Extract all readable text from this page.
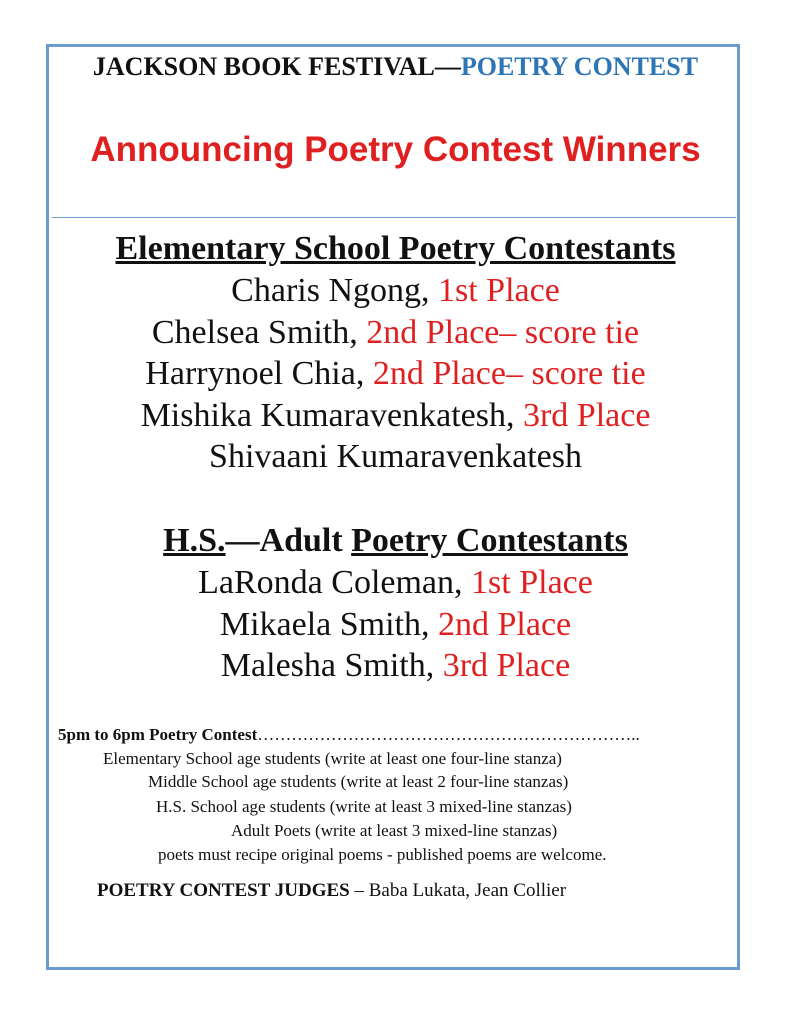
JACKSON BOOK FESTIVAL—POETRY CONTEST
Announcing Poetry Contest Winners
Elementary School Poetry Contestants
Charis Ngong, 1st Place
Chelsea Smith, 2nd Place– score tie
Harrynoel Chia, 2nd Place– score tie
Mishika Kumaravenkatesh, 3rd Place
Shivaani Kumaravenkatesh
H.S.—Adult Poetry Contestants
LaRonda Coleman, 1st Place
Mikaela Smith, 2nd Place
Malesha Smith, 3rd Place
5pm to 6pm Poetry Contest…………………………………………………………..
Elementary School age students (write at least one four-line stanza)
Middle School age students (write at least 2 four-line stanzas)
H.S. School age students (write at least 3 mixed-line stanzas)
Adult Poets (write at least 3 mixed-line stanzas)
poets must recipe original poems - published poems are welcome.
POETRY CONTEST JUDGES – Baba Lukata, Jean Collier
